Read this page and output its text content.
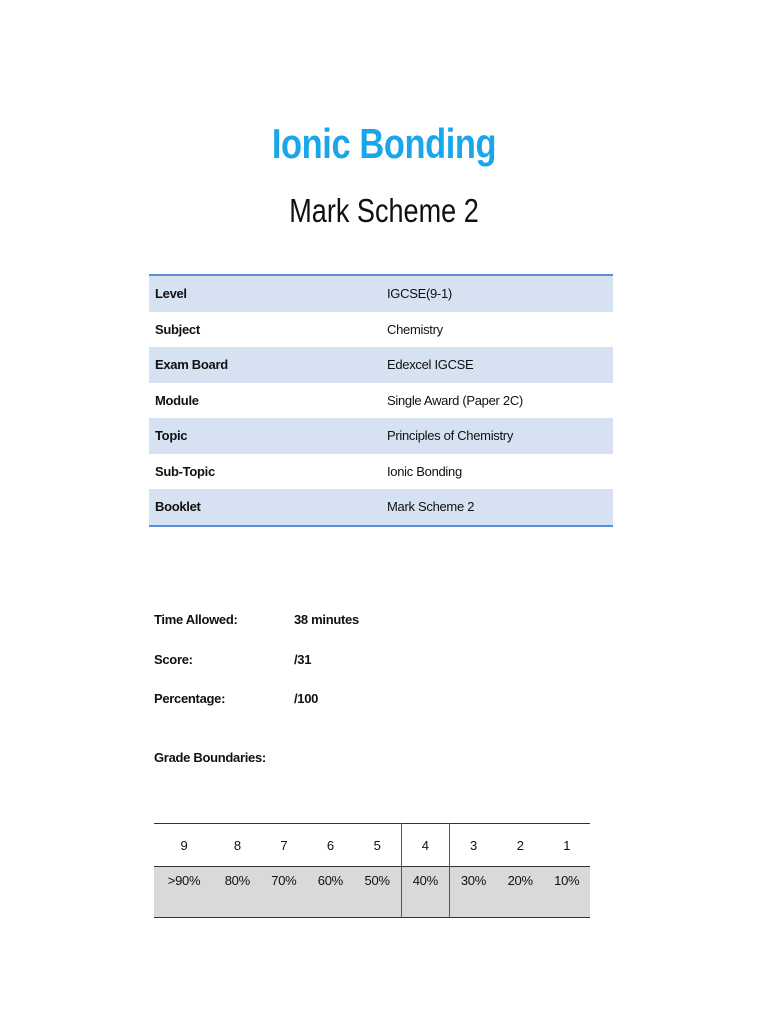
Ionic Bonding
Mark Scheme 2
Level	IGCSE(9-1)
Subject	Chemistry
Exam Board	Edexcel IGCSE
Module	Single Award (Paper 2C)
Topic	Principles of Chemistry
Sub-Topic	Ionic Bonding
Booklet	Mark Scheme 2
Time Allowed:	38 minutes
Score:	/31
Percentage:	/100
Grade Boundaries:
9	8	7	6	5	4	3	2	1
>90%	80%	70%	60%	50%	40%	30%	20%	10%
